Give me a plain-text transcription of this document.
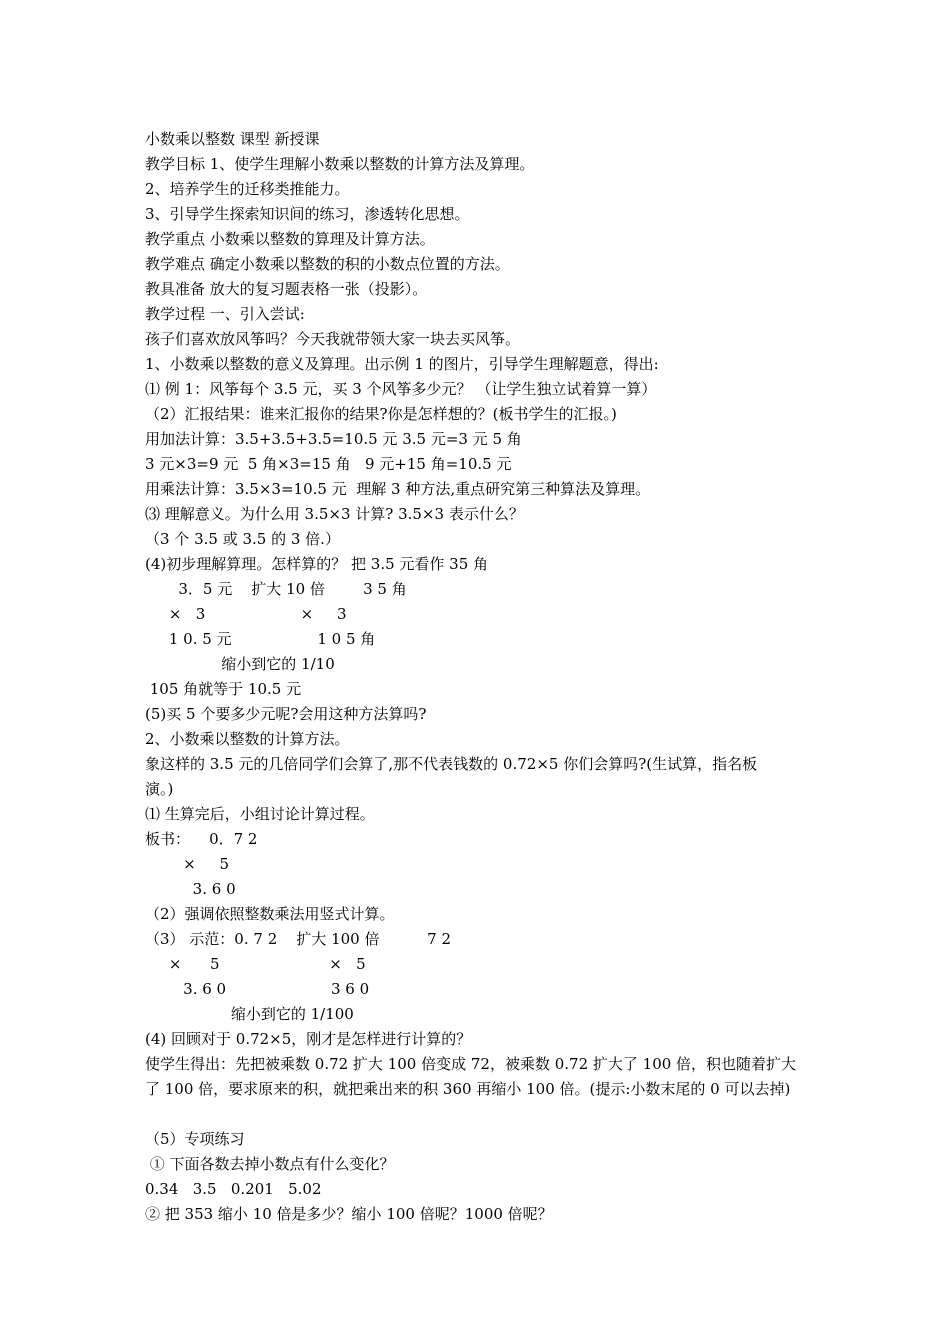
小数乘以整数 课型 新授课
教学目标 1、使学生理解小数乘以整数的计算方法及算理。
2、培养学生的迁移类推能力。
3、引导学生探索知识间的练习，渗透转化思想。
教学重点 小数乘以整数的算理及计算方法。
教学难点 确定小数乘以整数的积的小数点位置的方法。
教具准备 放大的复习题表格一张（投影）。
教学过程 一、引入尝试:
孩子们喜欢放风筝吗？今天我就带领大家一块去买风筝。
1、小数乘以整数的意义及算理。出示例 1 的图片，引导学生理解题意，得出:
⑴ 例 1：风筝每个 3.5 元，买 3 个风筝多少元？ （让学生独立试着算一算）
（2）汇报结果：谁来汇报你的结果?你是怎样想的？(板书学生的汇报。)
用加法计算：3.5+3.5+3.5=10.5 元 3.5 元=3 元 5 角
3 元×3=9 元  5 角×3=15 角   9 元+15 角=10.5 元
用乘法计算：3.5×3=10.5 元  理解 3 种方法,重点研究第三种算法及算理。
⑶ 理解意义。为什么用 3.5×3 计算? 3.5×3 表示什么？
（3 个 3.5 或 3.5 的 3 倍.）
(4)初步理解算理。怎样算的？ 把 3.5 元看作 35 角
3．5 元    扩大 10 倍        3 5 角
×   3                    ×     3
1 0. 5 元                  1 0 5 角
缩小到它的 1/10
105 角就等于 10.5 元
(5)买 5 个要多少元呢?会用这种方法算吗?
2、小数乘以整数的计算方法。
象这样的 3.5 元的几倍同学们会算了,那不代表钱数的 0.72×5 你们会算吗?(生试算，指名板
演。)
⑴ 生算完后，小组讨论计算过程。
板书：    0．7 2
×     5
3. 6 0
（2）强调依照整数乘法用竖式计算。
（3） 示范：0. 7 2    扩大 100 倍          7 2
×      5                       ×   5
3. 6 0                      3 6 0
缩小到它的 1/100
(4) 回顾对于 0.72×5，刚才是怎样进行计算的？
使学生得出：先把被乘数 0.72 扩大 100 倍变成 72，被乘数 0.72 扩大了 100 倍，积也随着扩大
了 100 倍，要求原来的积，就把乘出来的积 360 再缩小 100 倍。(提示:小数末尾的 0 可以去掉)
（5）专项练习
① 下面各数去掉小数点有什么变化？
0.34   3.5   0.201   5.02
② 把 353 缩小 10 倍是多少？缩小 100 倍呢？1000 倍呢？
